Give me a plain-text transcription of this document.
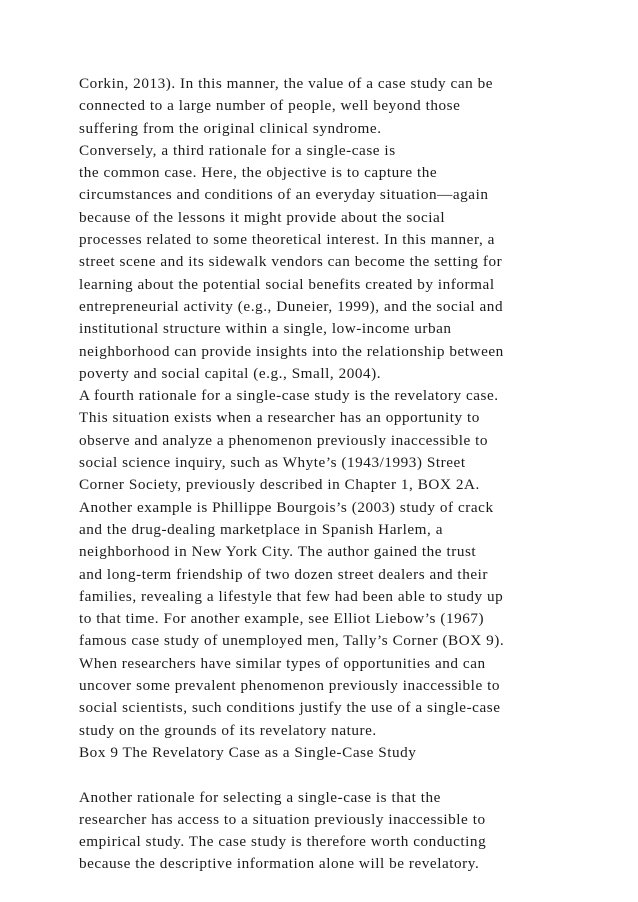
Corkin, 2013). In this manner, the value of a case study can be
connected to a large number of people, well beyond those
suffering from the original clinical syndrome.
Conversely, a third rationale for a single-case is
the common case. Here, the objective is to capture the
circumstances and conditions of an everyday situation—again
because of the lessons it might provide about the social
processes related to some theoretical interest. In this manner, a
street scene and its sidewalk vendors can become the setting for
learning about the potential social benefits created by informal
entrepreneurial activity (e.g., Duneier, 1999), and the social and
institutional structure within a single, low-income urban
neighborhood can provide insights into the relationship between
poverty and social capital (e.g., Small, 2004).
A fourth rationale for a single-case study is the revelatory case.
This situation exists when a researcher has an opportunity to
observe and analyze a phenomenon previously inaccessible to
social science inquiry, such as Whyte’s (1943/1993) Street
Corner Society, previously described in Chapter 1, BOX 2A.
Another example is Phillippe Bourgois’s (2003) study of crack
and the drug-dealing marketplace in Spanish Harlem, a
neighborhood in New York City. The author gained the trust
and long-term friendship of two dozen street dealers and their
families, revealing a lifestyle that few had been able to study up
to that time. For another example, see Elliot Liebow’s (1967)
famous case study of unemployed men, Tally’s Corner (BOX 9).
When researchers have similar types of opportunities and can
uncover some prevalent phenomenon previously inaccessible to
social scientists, such conditions justify the use of a single-case
study on the grounds of its revelatory nature.
Box 9 The Revelatory Case as a Single-Case Study
Another rationale for selecting a single-case is that the
researcher has access to a situation previously inaccessible to
empirical study. The case study is therefore worth conducting
because the descriptive information alone will be revelatory.
